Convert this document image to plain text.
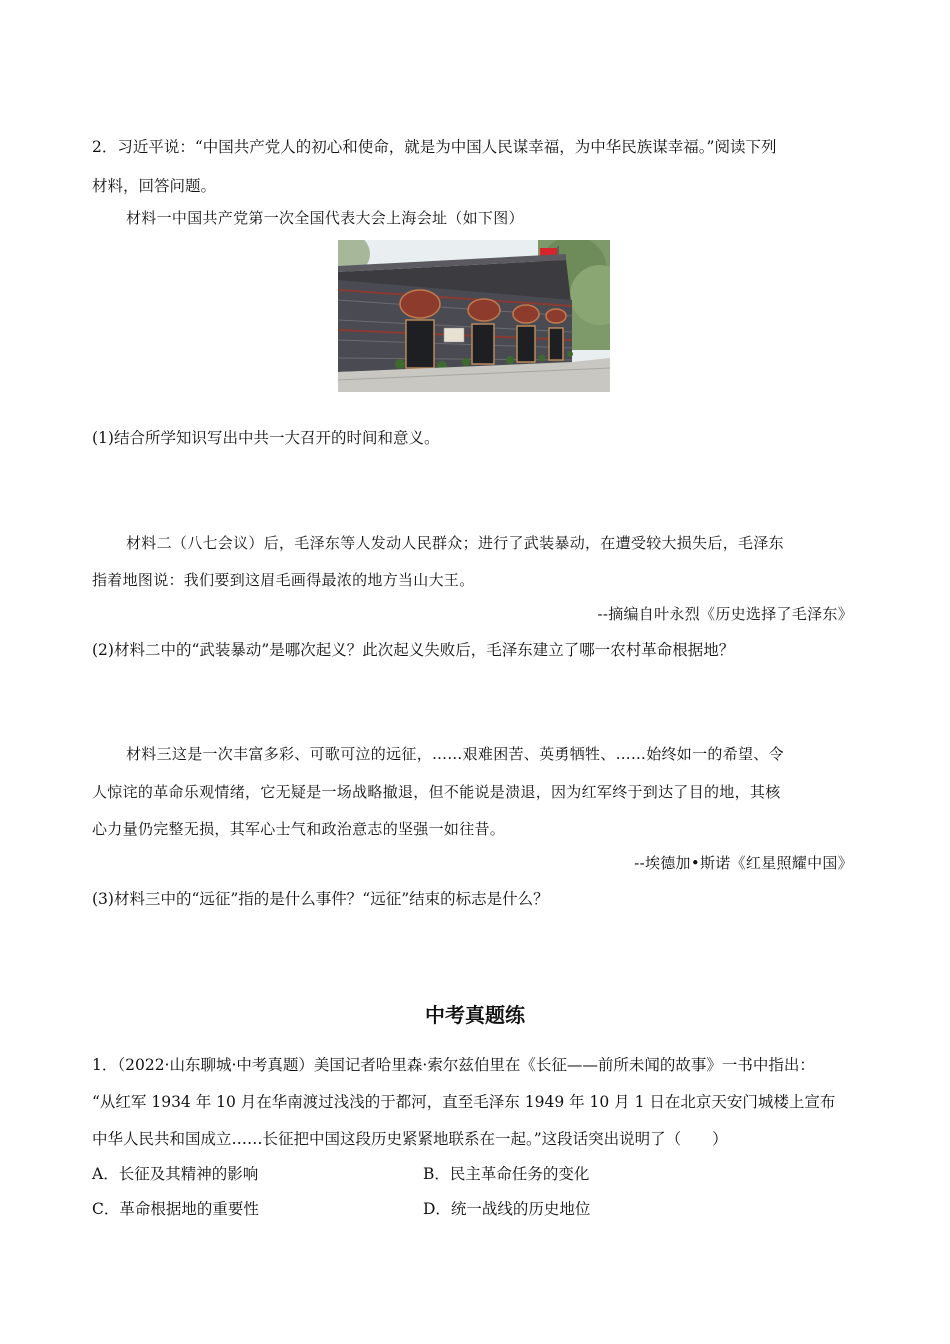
2．习近平说：“中国共产党人的初心和使命，就是为中国人民谋幸福，为中华民族谋幸福。”阅读下列
材料，回答问题。
材料一中国共产党第一次全国代表大会上海会址（如下图）
(1)结合所学知识写出中共一大召开的时间和意义。
材料二（八七会议）后，毛泽东等人发动人民群众；进行了武装暴动，在遭受较大损失后，毛泽东
指着地图说：我们要到这眉毛画得最浓的地方当山大王。
--摘编自叶永烈《历史选择了毛泽东》
(2)材料二中的“武装暴动”是哪次起义？此次起义失败后，毛泽东建立了哪一农村革命根据地？
材料三这是一次丰富多彩、可歌可泣的远征，……艰难困苦、英勇牺牲、……始终如一的希望、令
人惊诧的革命乐观情绪，它无疑是一场战略撤退，但不能说是溃退，因为红军终于到达了目的地，其核
心力量仍完整无损，其军心士气和政治意志的坚强一如往昔。
--埃德加•斯诺《红星照耀中国》
(3)材料三中的“远征”指的是什么事件？“远征”结束的标志是什么？
中考真题练
1．（2022·山东聊城·中考真题）美国记者哈里森·索尔兹伯里在《长征——前所未闻的故事》一书中指出：
“从红军 1934 年 10 月在华南渡过浅浅的于都河，直至毛泽东 1949 年 10 月 1 日在北京天安门城楼上宣布
中华人民共和国成立……长征把中国这段历史紧紧地联系在一起。”这段话突出说明了（　　）
A．长征及其精神的影响	B．民主革命任务的变化
C．革命根据地的重要性	D．统一战线的历史地位
